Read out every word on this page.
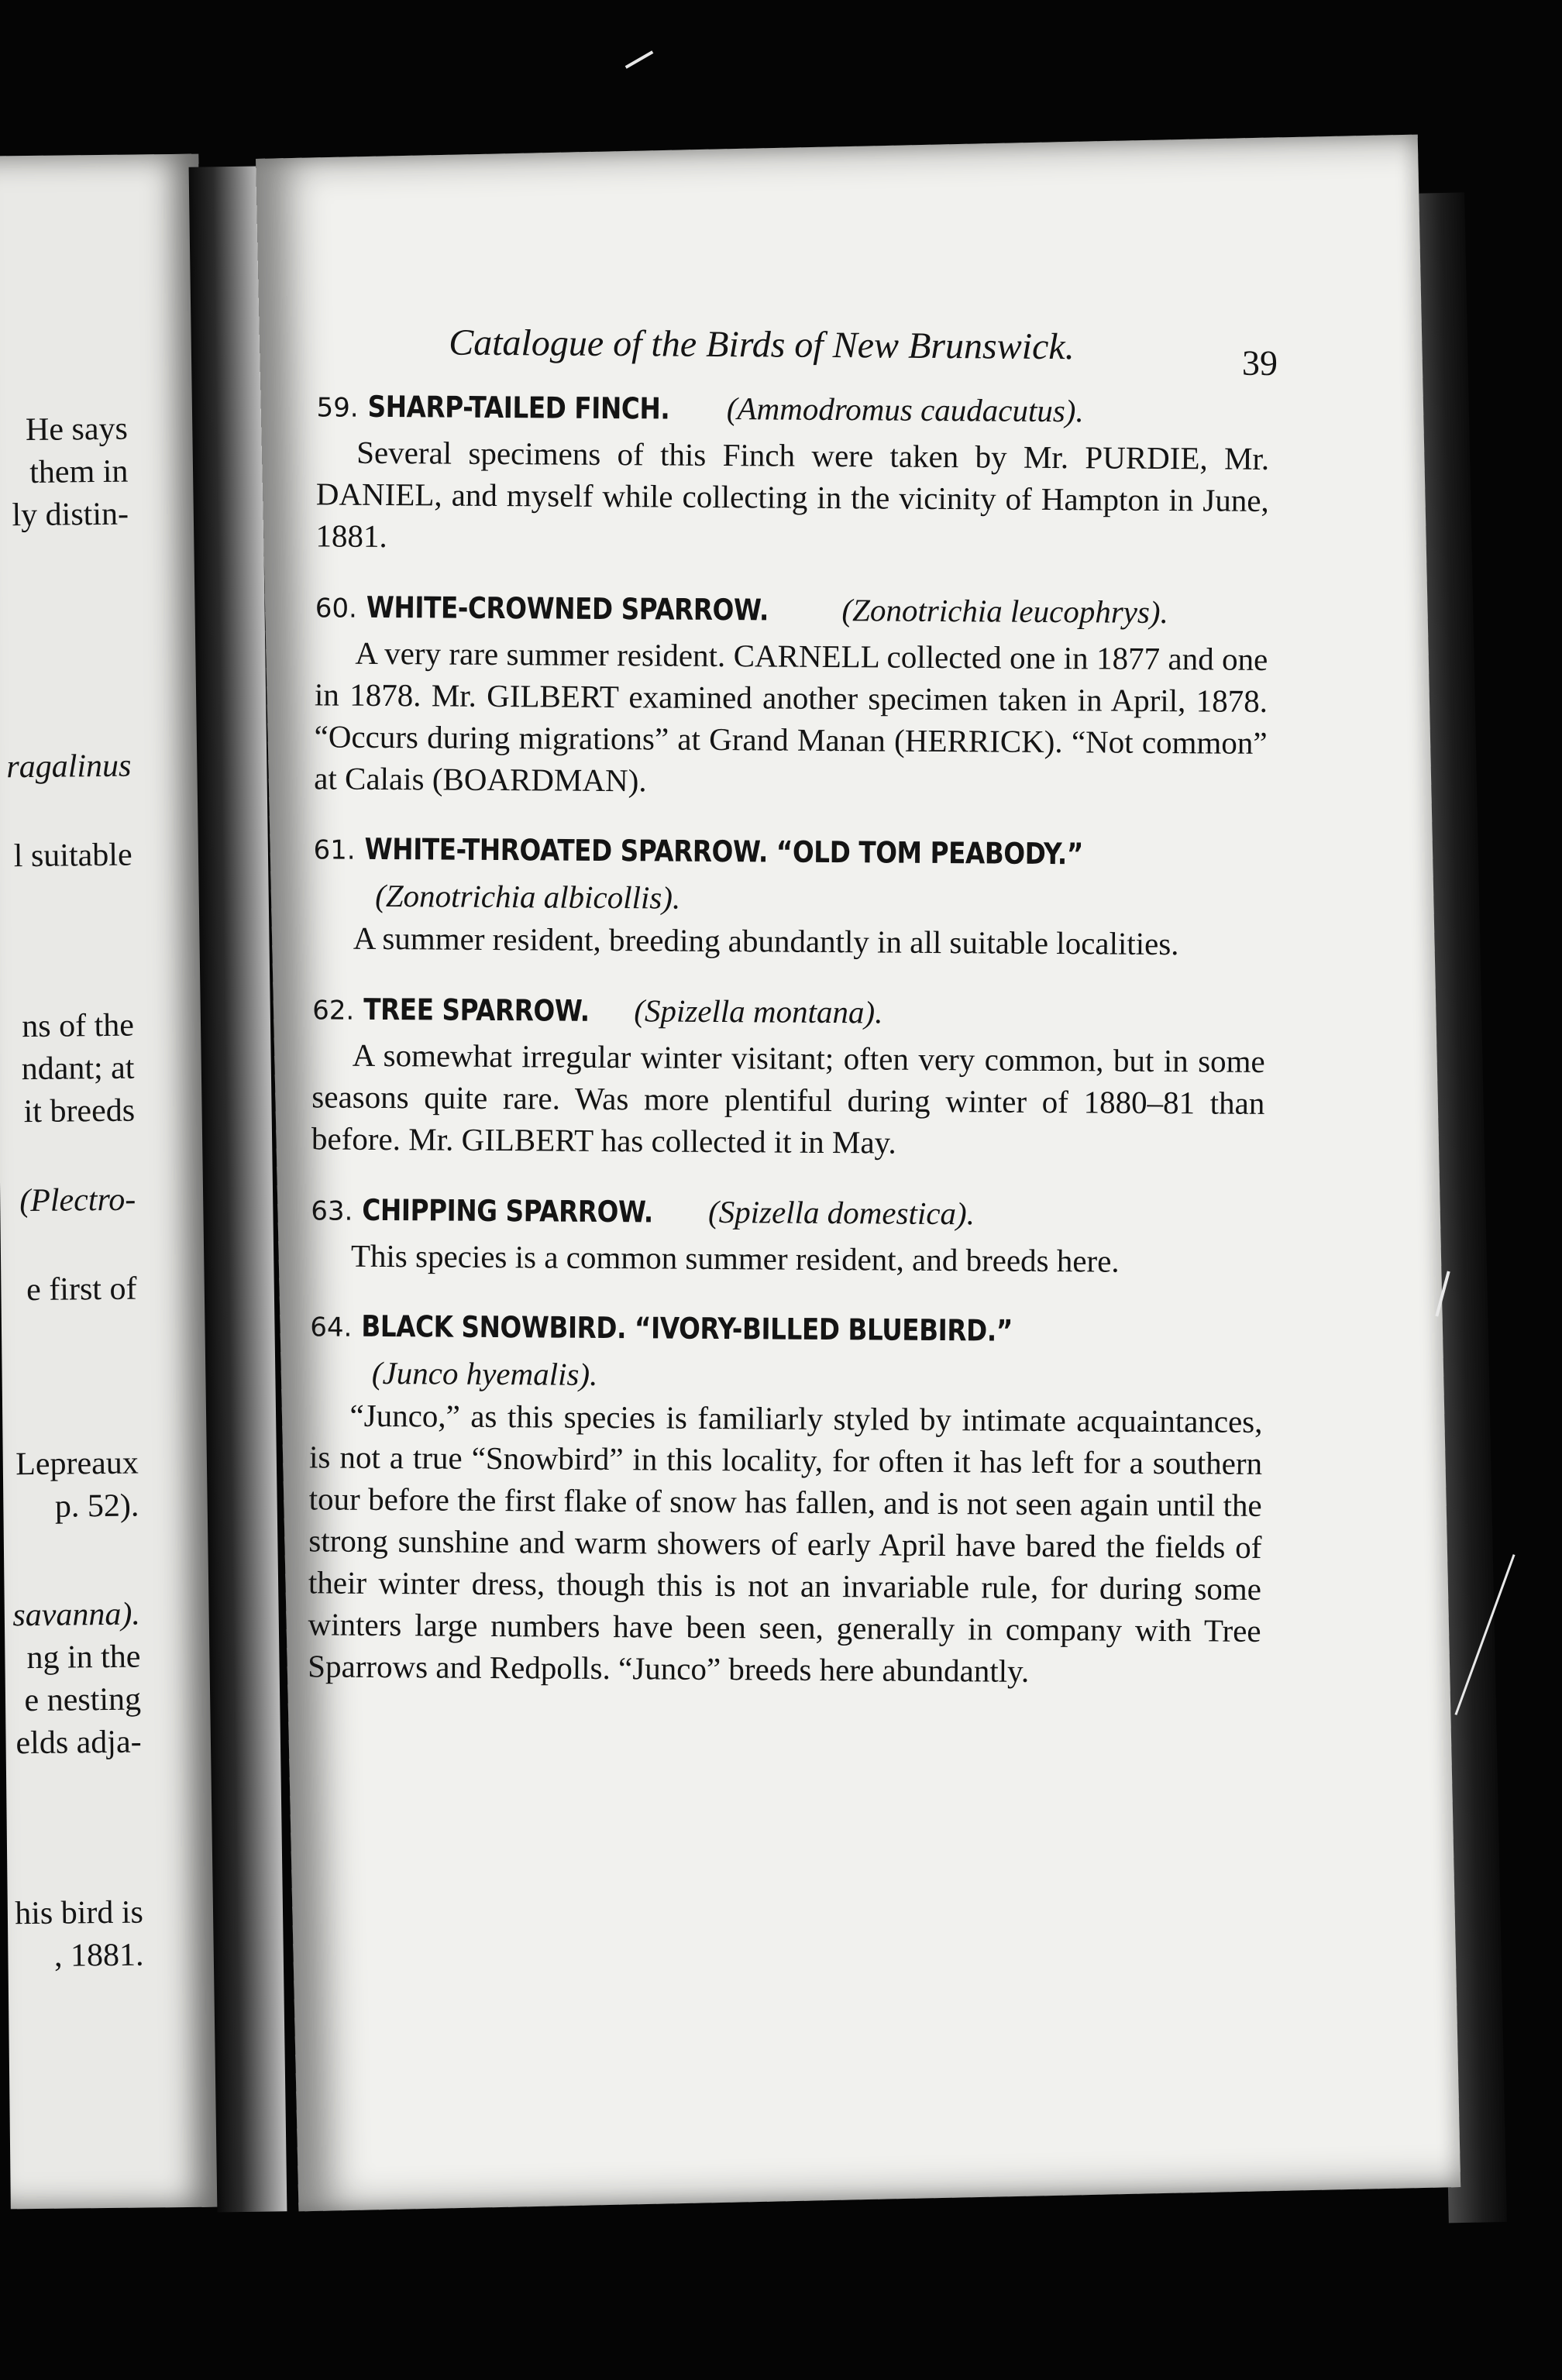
He says
them in
ly distin-
ragalinus
l suitable
ns of the
ndant; at
it breeds
(Plectro-
e first of
Lepreaux
p. 52).
savanna).
ng in the
e nesting
elds adja-
his bird is
, 1881.
Catalogue of the Birds of New Brunswick.	39
59. SHARP-TAILED FINCH. (Ammodromus caudacutus).
Several specimens of this Finch were taken by Mr. PURDIE, Mr. DANIEL, and myself while collecting in the vicinity of Hampton in June, 1881.
60. WHITE-CROWNED SPARROW. (Zonotrichia leucophrys).
A very rare summer resident. CARNELL collected one in 1877 and one in 1878. Mr. GILBERT examined another specimen taken in April, 1878. “Occurs during migrations” at Grand Manan (HERRICK). “Not common” at Calais (BOARDMAN).
61. WHITE-THROATED SPARROW. “OLD TOM PEABODY.”
(Zonotrichia albicollis).
A summer resident, breeding abundantly in all suitable localities.
62. TREE SPARROW. (Spizella montana).
A somewhat irregular winter visitant; often very common, but in some seasons quite rare. Was more plentiful during winter of 1880–81 than before. Mr. GILBERT has collected it in May.
63. CHIPPING SPARROW. (Spizella domestica).
This species is a common summer resident, and breeds here.
64. BLACK SNOWBIRD. “IVORY-BILLED BLUEBIRD.”
(Junco hyemalis).
“Junco,” as this species is familiarly styled by intimate acquaintances, is not a true “Snowbird” in this locality, for often it has left for a southern tour before the first flake of snow has fallen, and is not seen again until the strong sunshine and warm showers of early April have bared the fields of their winter dress, though this is not an invariable rule, for during some winters large numbers have been seen, generally in company with Tree Sparrows and Redpolls. “Junco” breeds here abundantly.
